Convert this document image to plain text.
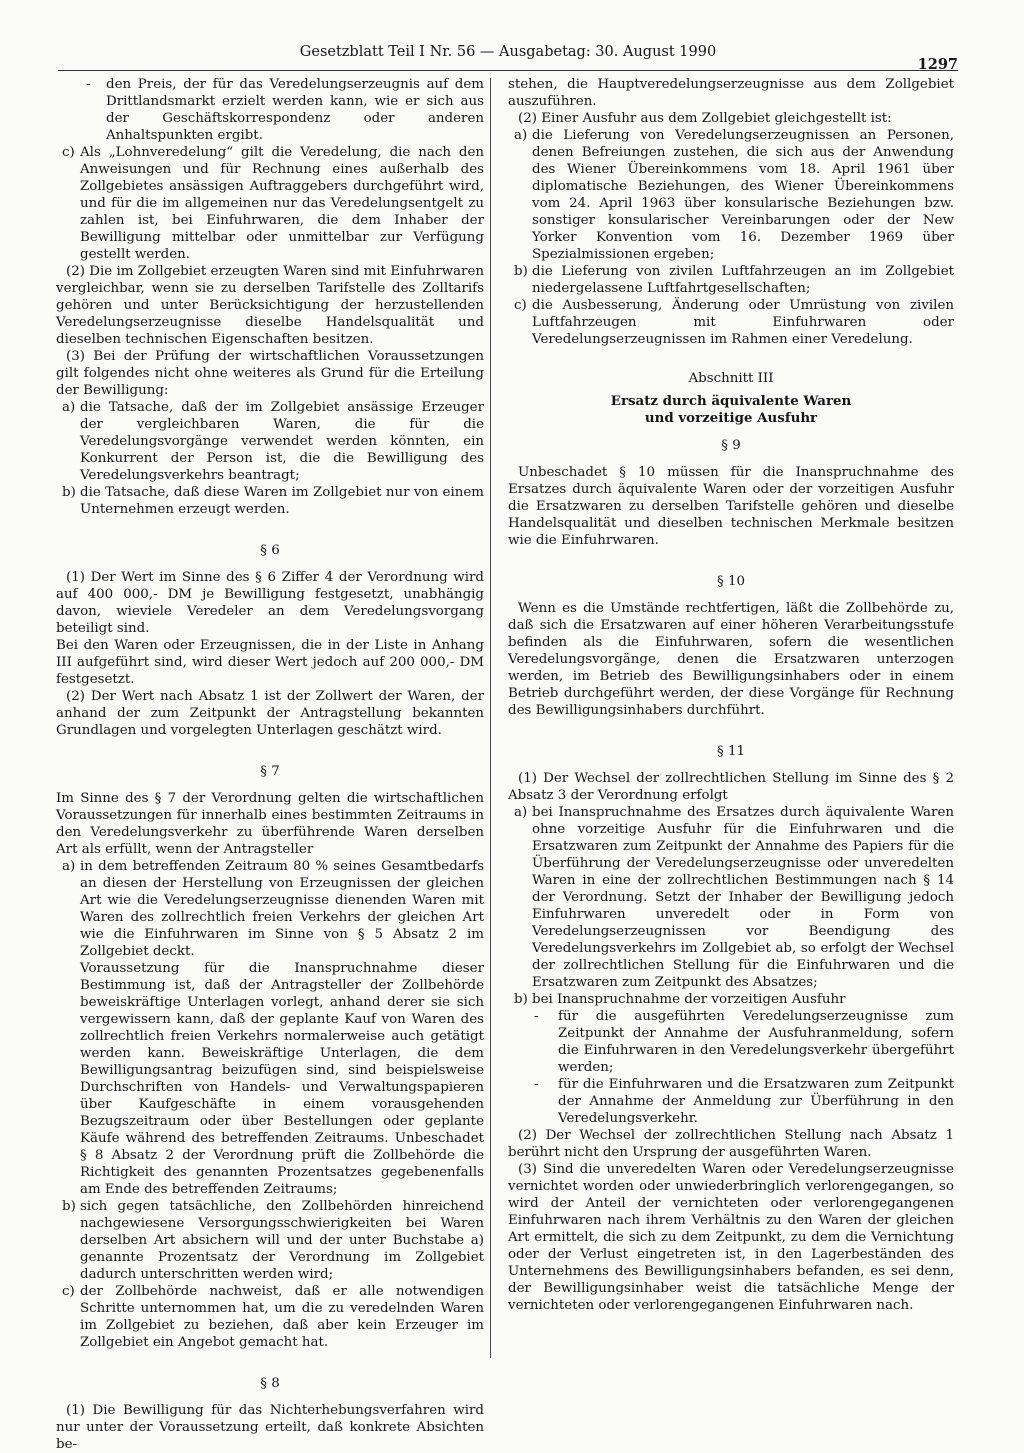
Gesetzblatt Teil I Nr. 56 — Ausgabetag: 30. August 1990
1297
-	den Preis, der für das Veredelungserzeugnis auf dem Drittlandsmarkt erzielt werden kann, wie er sich aus der Geschäftskorrespondenz oder anderen Anhaltspunkten ergibt.
c) Als „Lohnveredelung“ gilt die Veredelung, die nach den Anweisungen und für Rechnung eines außerhalb des Zollgebietes ansässigen Auftraggebers durchgeführt wird, und für die im allgemeinen nur das Veredelungsentgelt zu zahlen ist, bei Einfuhrwaren, die dem Inhaber der Bewilligung mittelbar oder unmittelbar zur Verfügung gestellt werden.

(2) Die im Zollgebiet erzeugten Waren sind mit Einfuhrwaren vergleichbar, wenn sie zu derselben Tarifstelle des Zolltarifs gehören und unter Berücksichtigung der herzustellenden Veredelungserzeugnisse dieselbe Handelsqualität und dieselben technischen Eigenschaften besitzen.

(3) Bei der Prüfung der wirtschaftlichen Voraussetzungen gilt folgendes nicht ohne weiteres als Grund für die Erteilung der Bewilligung:

a) die Tatsache, daß der im Zollgebiet ansässige Erzeuger der vergleichbaren Waren, die für die Veredelungsvorgänge verwendet werden könnten, ein Konkurrent der Person ist, die die Bewilligung des Veredelungsverkehrs beantragt;
b) die Tatsache, daß diese Waren im Zollgebiet nur von einem Unternehmen erzeugt werden.
§ 6

(1) Der Wert im Sinne des § 6 Ziffer 4 der Verordnung wird auf 400 000,- DM je Bewilligung festgesetzt, unabhängig davon, wieviele Veredeler an dem Veredelungsvorgang beteiligt sind.

Bei den Waren oder Erzeugnissen, die in der Liste in Anhang III aufgeführt sind, wird dieser Wert jedoch auf 200 000,- DM festgesetzt.

(2) Der Wert nach Absatz 1 ist der Zollwert der Waren, der anhand der zum Zeitpunkt der Antragstellung bekannten Grundlagen und vorgelegten Unterlagen geschätzt wird.

§ 7

Im Sinne des § 7 der Verordnung gelten die wirtschaftlichen Voraussetzungen für innerhalb eines bestimmten Zeitraums in den Veredelungsverkehr zu überführende Waren derselben Art als erfüllt, wenn der Antragsteller

a) in dem betreffenden Zeitraum 80 % seines Gesamtbedarfs an diesen der Herstellung von Erzeugnissen der gleichen Art wie die Veredelungserzeugnisse dienenden Waren mit Waren des zollrechtlich freien Verkehrs der gleichen Art wie die Einfuhrwaren im Sinne von § 5 Absatz 2 im Zollgebiet deckt.

Voraussetzung für die Inanspruchnahme dieser Bestimmung ist, daß der Antragsteller der Zollbehörde beweiskräftige Unterlagen vorlegt, anhand derer sie sich vergewissern kann, daß der geplante Kauf von Waren des zollrechtlich freien Verkehrs normalerweise auch getätigt werden kann. Beweiskräftige Unterlagen, die dem Bewilligungsantrag beizufügen sind, sind beispielsweise Durchschriften von Handels- und Verwaltungspapieren über Kaufgeschäfte in einem vorausgehenden Bezugszeitraum oder über Bestellungen oder geplante Käufe während des betreffenden Zeitraums. Unbeschadet § 8 Absatz 2 der Verordnung prüft die Zollbehörde die Richtigkeit des genannten Prozentsatzes gegebenenfalls am Ende des betreffenden Zeitraums;

b) sich gegen tatsächliche, den Zollbehörden hinreichend nachgewiesene Versorgungsschwierigkeiten bei Waren derselben Art absichern will und der unter Buchstabe a) genannte Prozentsatz der Verordnung im Zollgebiet dadurch unterschritten werden wird;
c) der Zollbehörde nachweist, daß er alle notwendigen Schritte unternommen hat, um die zu veredelnden Waren im Zollgebiet zu beziehen, daß aber kein Erzeuger im Zollgebiet ein Angebot gemacht hat.
§ 8

(1) Die Bewilligung für das Nichterhebungsverfahren wird nur unter der Voraussetzung erteilt, daß konkrete Absichten be-

stehen, die Hauptveredelungserzeugnisse aus dem Zollgebiet auszuführen.

(2) Einer Ausfuhr aus dem Zollgebiet gleichgestellt ist:

a) die Lieferung von Veredelungserzeugnissen an Personen, denen Befreiungen zustehen, die sich aus der Anwendung des Wiener Übereinkommens vom 18. April 1961 über diplomatische Beziehungen, des Wiener Übereinkommens vom 24. April 1963 über konsularische Beziehungen bzw. sonstiger konsularischer Vereinbarungen oder der New Yorker Konvention vom 16. Dezember 1969 über Spezialmissionen ergeben;
b) die Lieferung von zivilen Luftfahrzeugen an im Zollgebiet niedergelassene Luftfahrtgesellschaften;
c) die Ausbesserung, Änderung oder Umrüstung von zivilen Luftfahrzeugen mit Einfuhrwaren oder Veredelungserzeugnissen im Rahmen einer Veredelung.
Abschnitt III
Ersatz durch äquivalente Waren
und vorzeitige Ausfuhr
§ 9

Unbeschadet § 10 müssen für die Inanspruchnahme des Ersatzes durch äquivalente Waren oder der vorzeitigen Ausfuhr die Ersatzwaren zu derselben Tarifstelle gehören und dieselbe Handelsqualität und dieselben technischen Merkmale besitzen wie die Einfuhrwaren.

§ 10

Wenn es die Umstände rechtfertigen, läßt die Zollbehörde zu, daß sich die Ersatzwaren auf einer höheren Verarbeitungsstufe befinden als die Einfuhrwaren, sofern die wesentlichen Veredelungsvorgänge, denen die Ersatzwaren unterzogen werden, im Betrieb des Bewilligungsinhabers oder in einem Betrieb durchgeführt werden, der diese Vorgänge für Rechnung des Bewilligungsinhabers durchführt.

§ 11

(1) Der Wechsel der zollrechtlichen Stellung im Sinne des § 2 Absatz 3 der Verordnung erfolgt

a) bei Inanspruchnahme des Ersatzes durch äquivalente Waren ohne vorzeitige Ausfuhr für die Einfuhrwaren und die Ersatzwaren zum Zeitpunkt der Annahme des Papiers für die Überführung der Veredelungserzeugnisse oder unveredelten Waren in eine der zollrechtlichen Bestimmungen nach § 14 der Verordnung. Setzt der Inhaber der Bewilligung jedoch Einfuhrwaren unveredelt oder in Form von Veredelungserzeugnissen vor Beendigung des Veredelungsverkehrs im Zollgebiet ab, so erfolgt der Wechsel der zollrechtlichen Stellung für die Einfuhrwaren und die Ersatzwaren zum Zeitpunkt des Absatzes;
b) bei Inanspruchnahme der vorzeitigen Ausfuhr
-	für die ausgeführten Veredelungserzeugnisse zum Zeitpunkt der Annahme der Ausfuhranmeldung, sofern die Einfuhrwaren in den Veredelungsverkehr übergeführt werden;
-	für die Einfuhrwaren und die Ersatzwaren zum Zeitpunkt der Annahme der Anmeldung zur Überführung in den Veredelungsverkehr.

(2) Der Wechsel der zollrechtlichen Stellung nach Absatz 1 berührt nicht den Ursprung der ausgeführten Waren.

(3) Sind die unveredelten Waren oder Veredelungserzeugnisse vernichtet worden oder unwiederbringlich verlorengegangen, so wird der Anteil der vernichteten oder verlorengegangenen Einfuhrwaren nach ihrem Verhältnis zu den Waren der gleichen Art ermittelt, die sich zu dem Zeitpunkt, zu dem die Vernichtung oder der Verlust eingetreten ist, in den Lagerbeständen des Unternehmens des Bewilligungsinhabers befanden, es sei denn, der Bewilligungsinhaber weist die tatsächliche Menge der vernichteten oder verlorengegangenen Einfuhrwaren nach.
